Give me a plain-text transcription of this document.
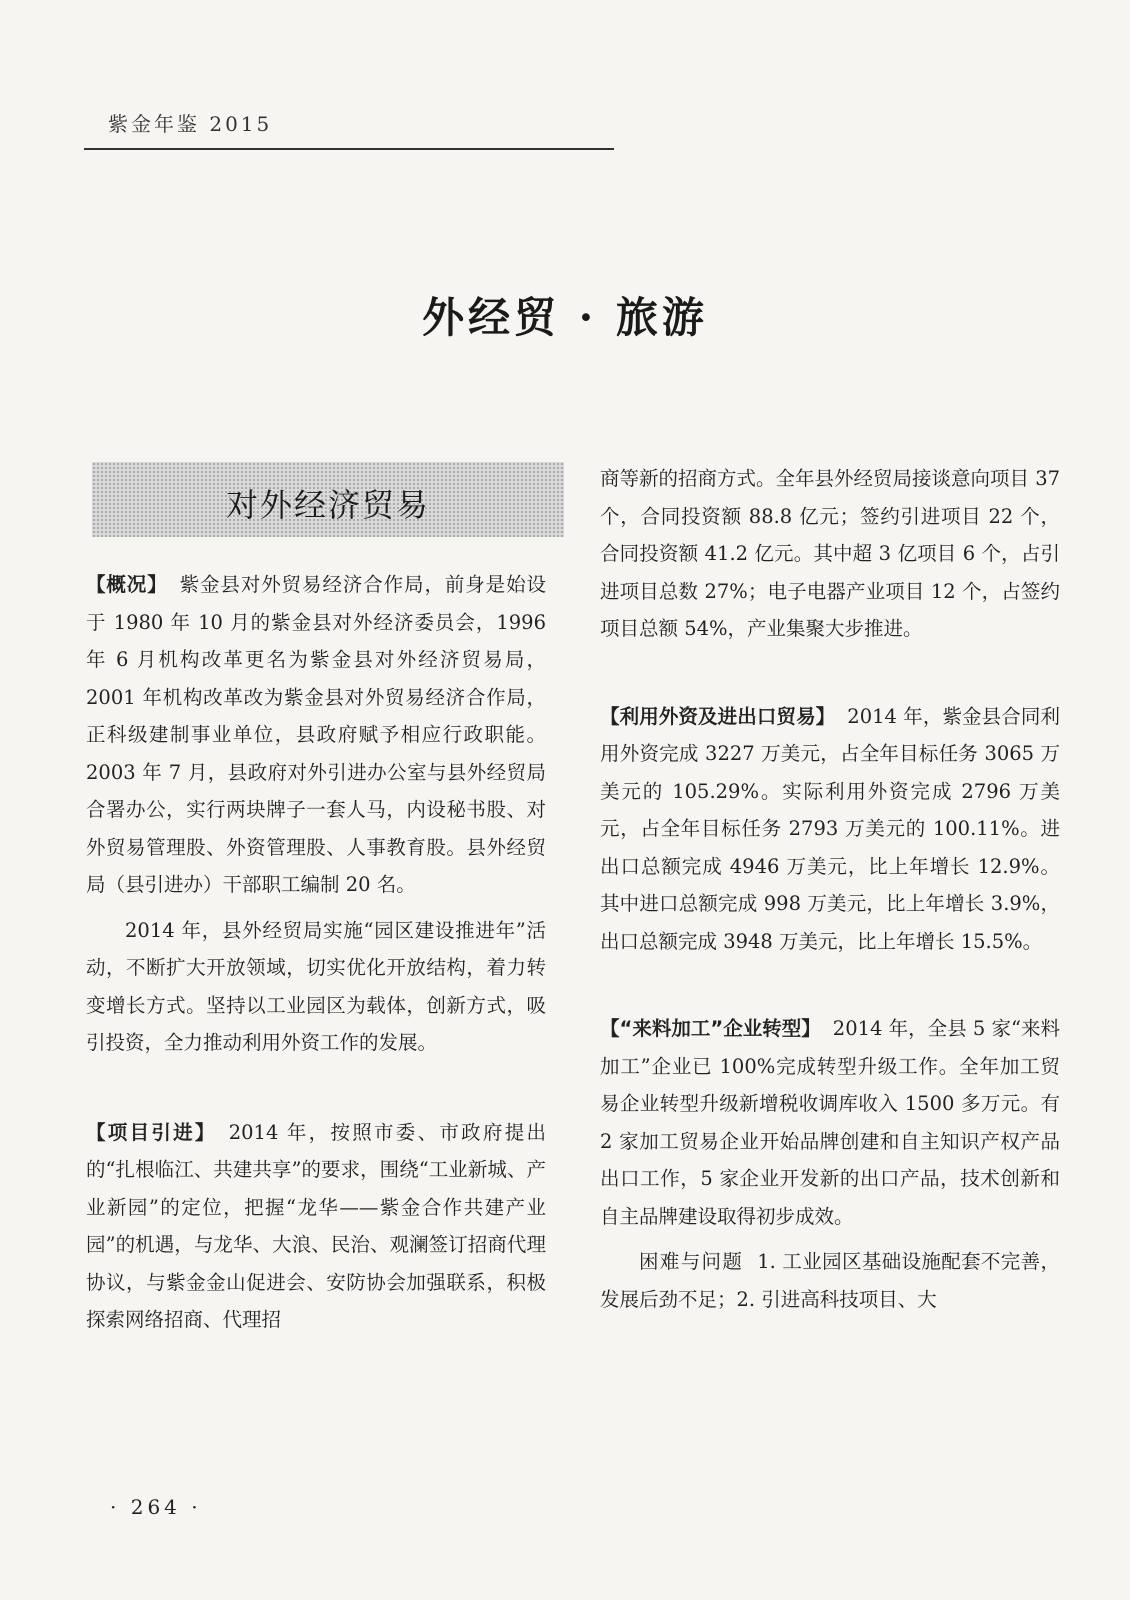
紫金年鉴 2015
外经贸 · 旅游
对外经济贸易

【概况】 紫金县对外贸易经济合作局，前身是始设于 1980 年 10 月的紫金县对外经济委员会，1996 年 6 月机构改革更名为紫金县对外经济贸易局，2001 年机构改革改为紫金县对外贸易经济合作局，正科级建制事业单位，县政府赋予相应行政职能。2003 年 7 月，县政府对外引进办公室与县外经贸局合署办公，实行两块牌子一套人马，内设秘书股、对外贸易管理股、外资管理股、人事教育股。县外经贸局（县引进办）干部职工编制 20 名。

2014 年，县外经贸局实施“园区建设推进年”活动，不断扩大开放领域，切实优化开放结构，着力转变增长方式。坚持以工业园区为载体，创新方式，吸引投资，全力推动利用外资工作的发展。

【项目引进】 2014 年，按照市委、市政府提出的“扎根临江、共建共享”的要求，围绕“工业新城、产业新园”的定位，把握“龙华——紫金合作共建产业园”的机遇，与龙华、大浪、民治、观澜签订招商代理协议，与紫金金山促进会、安防协会加强联系，积极探索网络招商、代理招

商等新的招商方式。全年县外经贸局接谈意向项目 37 个，合同投资额 88.8 亿元；签约引进项目 22 个，合同投资额 41.2 亿元。其中超 3 亿项目 6 个，占引进项目总数 27%；电子电器产业项目 12 个，占签约项目总额 54%，产业集聚大步推进。

【利用外资及进出口贸易】 2014 年，紫金县合同利用外资完成 3227 万美元，占全年目标任务 3065 万美元的 105.29%。实际利用外资完成 2796 万美元，占全年目标任务 2793 万美元的 100.11%。进出口总额完成 4946 万美元，比上年增长 12.9%。其中进口总额完成 998 万美元，比上年增长 3.9%，出口总额完成 3948 万美元，比上年增长 15.5%。

【“来料加工”企业转型】 2014 年，全县 5 家“来料加工”企业已 100%完成转型升级工作。全年加工贸易企业转型升级新增税收调库收入 1500 多万元。有 2 家加工贸易企业开始品牌创建和自主知识产权产品出口工作，5 家企业开发新的出口产品，技术创新和自主品牌建设取得初步成效。

困难与问题 1. 工业园区基础设施配套不完善，发展后劲不足；2. 引进高科技项目、大

· 264 ·
